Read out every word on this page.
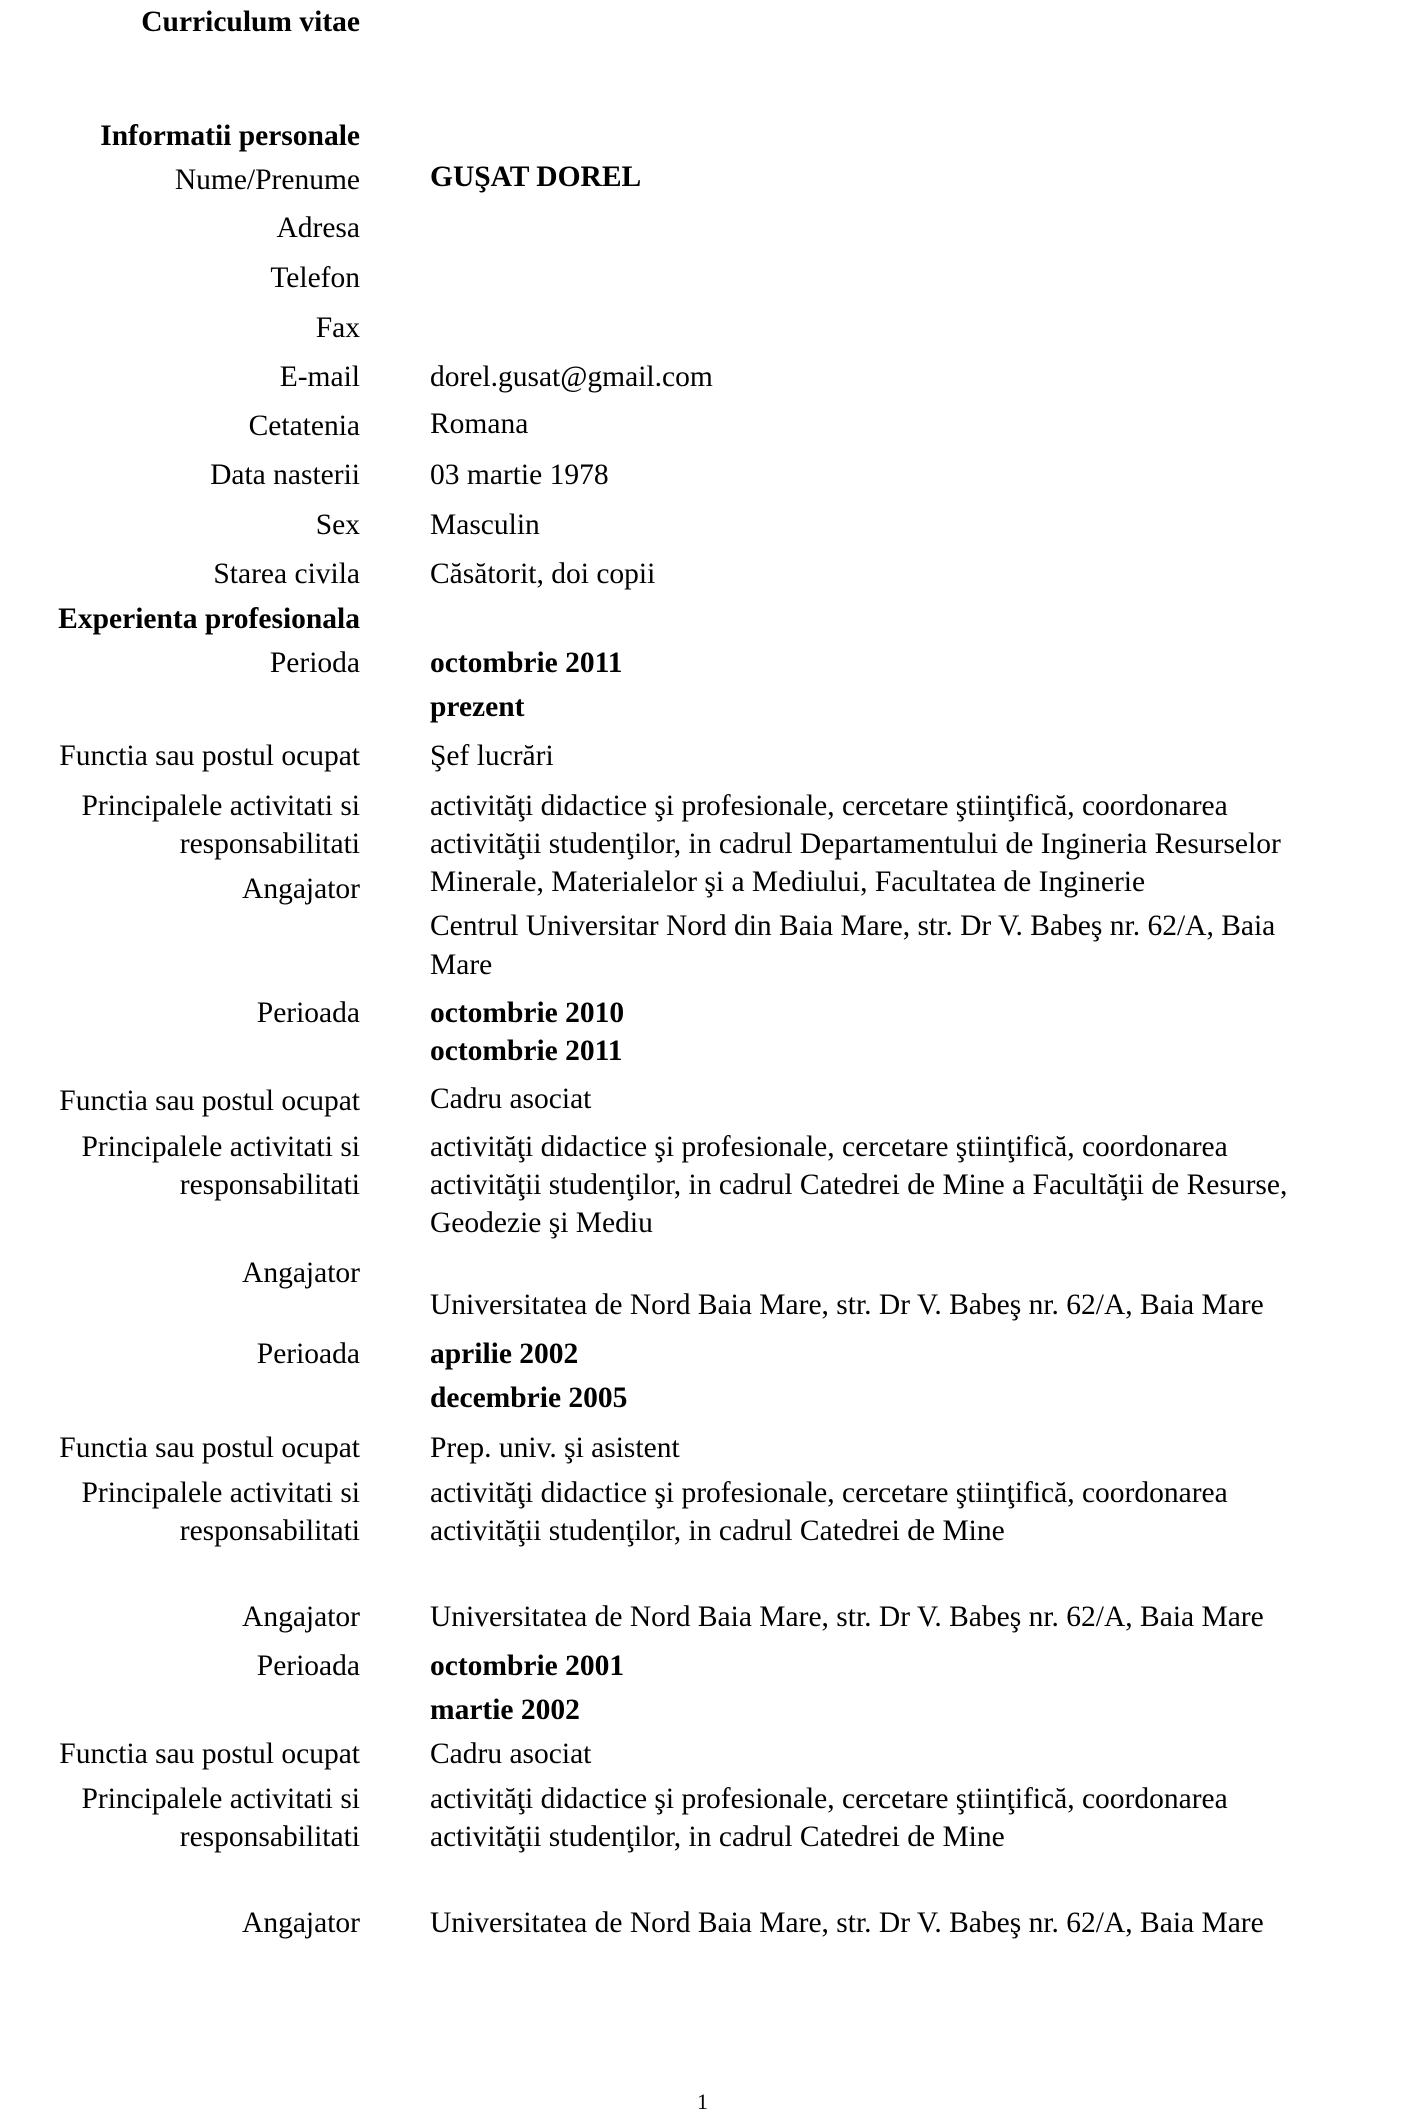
Curriculum vitae
Informatii personale
Nume/Prenume GUŞAT DOREL
Adresa
Telefon
Fax
E-mail dorel.gusat@gmail.com
Cetatenia Romana
Data nasterii 03 martie 1978
Sex Masculin
Starea civila Căsătorit, doi copii
Experienta profesionala
Perioda octombrie 2011
prezent
Functia sau postul ocupat Şef lucrări
Principalele activitati si
responsabilitati
activităţi didactice şi profesionale, cercetare ştiinţifică, coordonarea
activităţii studenţilor, in cadrul Departamentului de Ingineria Resurselor
Minerale, Materialelor şi a Mediului, Facultatea de Inginerie
Angajator
Centrul Universitar Nord din Baia Mare, str. Dr V. Babeş nr. 62/A, Baia
Mare
Perioada octombrie 2010
octombrie 2011
Functia sau postul ocupat Cadru asociat
Principalele activitati si
responsabilitati
activităţi didactice şi profesionale, cercetare ştiinţifică, coordonarea
activităţii studenţilor, in cadrul Catedrei de Mine a Facultăţii de Resurse,
Geodezie şi Mediu
Angajator
Universitatea de Nord Baia Mare, str. Dr V. Babeş nr. 62/A, Baia Mare
Perioada aprilie 2002
decembrie 2005
Functia sau postul ocupat Prep. univ. şi asistent
Principalele activitati si
responsabilitati
activităţi didactice şi profesionale, cercetare ştiinţifică, coordonarea
activităţii studenţilor, in cadrul Catedrei de Mine
Angajator Universitatea de Nord Baia Mare, str. Dr V. Babeş nr. 62/A, Baia Mare
Perioada octombrie 2001
martie 2002
Functia sau postul ocupat Cadru asociat
Principalele activitati si
responsabilitati
activităţi didactice şi profesionale, cercetare ştiinţifică, coordonarea
activităţii studenţilor, in cadrul Catedrei de Mine
Angajator Universitatea de Nord Baia Mare, str. Dr V. Babeş nr. 62/A, Baia Mare
1
